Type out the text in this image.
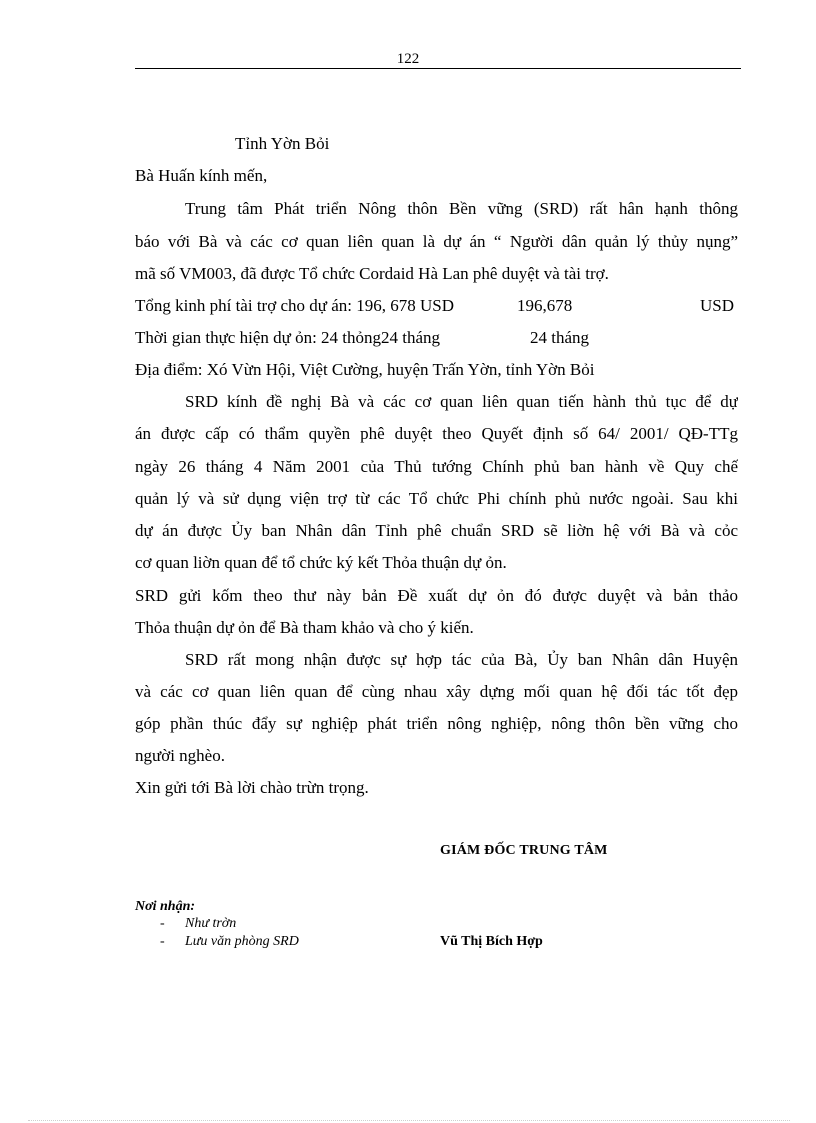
122
Tỉnh Yờn Bỏi
Bà Huấn kính mến,
Trung tâm Phát triển Nông thôn Bền vững (SRD) rất hân hạnh thông
báo với Bà và các cơ quan liên quan là dự án “ Người dân quản lý thủy nụng”
mã số VM003, đã được Tổ chức Cordaid Hà Lan phê duyệt và tài trợ.
Tổng kinh phí tài trợ cho dự án: 196, 678 USD	196,678	USD
Thời gian thực hiện dự ỏn: 24 thỏng24 tháng	24 tháng
Địa điểm: Xó Vừn Hội, Việt Cường, huyện Trấn Yờn, tỉnh Yờn Bỏi
SRD kính đề nghị Bà và các cơ quan liên quan tiến hành thủ tục để dự
án được cấp có thẩm quyền phê duyệt theo Quyết định số 64/ 2001/ QĐ-TTg
ngày 26 tháng 4 Năm 2001 của Thủ tướng Chính phủ ban hành về Quy chế
quản lý và sử dụng viện trợ từ các Tổ chức Phi chính phủ nước ngoài. Sau khi
dự án được Ủy ban Nhân dân Tỉnh phê chuẩn SRD sẽ liờn hệ với Bà và cỏc
cơ quan liờn quan để tổ chức ký kết Thỏa thuận dự ỏn.
SRD gửi kốm theo thư này bản Đề xuất dự ỏn đó được duyệt và bản thảo
Thỏa thuận dự ỏn để Bà tham khảo và cho ý kiến.
SRD rất mong nhận được sự hợp tác của Bà, Ủy ban Nhân dân Huyện
và các cơ quan liên quan để cùng nhau xây dựng mối quan hệ đối tác tốt đẹp
góp phần thúc đẩy sự nghiệp phát triển nông nghiệp, nông thôn bền vững cho
người nghèo.
Xin gửi tới Bà lời chào trừn trọng.
GIÁM ĐỐC TRUNG TÂM
Nơi nhận:
- Như trờn
- Lưu văn phòng SRD	Vũ Thị Bích Hợp
